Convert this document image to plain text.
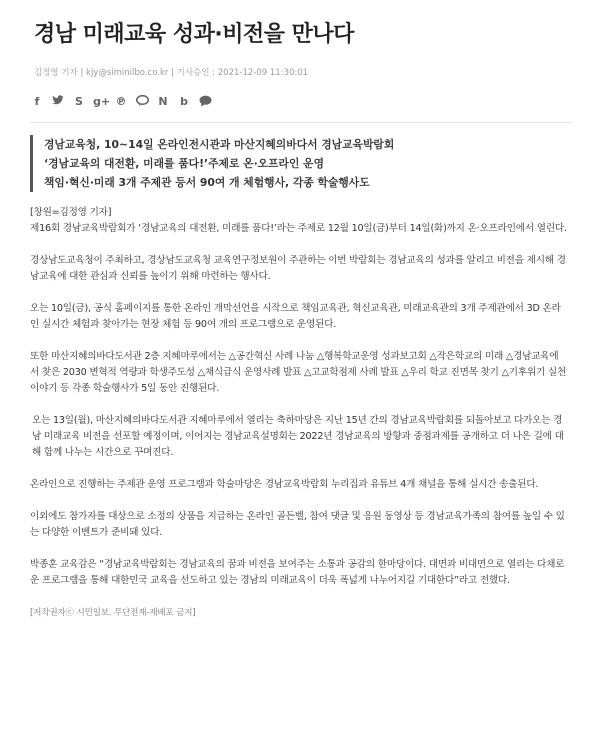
경남 미래교육 성과·비전을 만나다
김정영 기자 | kjy@siminilbo.co.kr | 기사승인 : 2021-12-09 11:30:01
f	S g+ ℗	N b
경남교육청, 10~14일 온라인전시관과 마산지혜의바다서 경남교육박람회
‘경남교육의 대전환, 미래를 품다!’주제로 온·오프라인 운영
책임·혁신·미래 3개 주제관 등서 90여 개 체험행사, 각종 학술행사도

[창원=김정영 기자]

제16회 경남교육박람회가 ‘경남교육의 대전환, 미래를 품다!’라는 주제로 12월 10일(금)부터 14일(화)까지 온·오프라인에서 열린다.

경상남도교육청이 주최하고, 경상남도교육청 교육연구정보원이 주관하는 이번 박람회는 경남교육의 성과를 알리고 비전을 제시해 경남교육에 대한 관심과 신뢰를 높이기 위해 마련하는 행사다.

오는 10일(금), 공식 홈페이지를 통한 온라인 개막선언을 시작으로 책임교육관, 혁신교육관, 미래교육관의 3개 주제관에서 3D 온라인 실시간 체험과 찾아가는 현장 체험 등 90여 개의 프로그램으로 운영된다.

또한 마산지혜의바다도서관 2층 지혜마루에서는 △공간혁신 사례 나눔 △행복학교운영 성과보고회 △작은학교의 미래 △경남교육에서 찾은 2030 변혁적 역량과 학생주도성 △채식급식 운영사례 발표 △고교학점제 사례 발표 △우리 학교 진면목 찾기 △기후위기 실천 이야기 등 각종 학술행사가 5일 동안 진행된다.

오는 13일(월), 마산지혜의바다도서관 지혜마루에서 열리는 축하마당은 지난 15년 간의 경남교육박람회를 되돌아보고 다가오는 경남 미래교육 비전을 선포할 예정이며, 이어지는 경남교육설명회는 2022년 경남교육의 방향과 중점과제를 공개하고 더 나은 길에 대해 함께 나누는 시간으로 꾸며진다.

온라인으로 진행하는 주제관 운영 프로그램과 학술마당은 경남교육박람회 누리집과 유튜브 4개 채널을 통해 실시간 송출된다.

이외에도 참가자를 대상으로 소정의 상품을 지급하는 온라인 골든벨, 참여 댓글 및 응원 동영상 등 경남교육가족의 참여를 높일 수 있는 다양한 이벤트가 준비돼 있다.

박종훈 교육감은 “경남교육박람회는 경남교육의 꿈과 비전을 보여주는 소통과 공감의 한마당이다. 대면과 비대면으로 열리는 다채로운 프로그램을 통해 대한민국 교육을 선도하고 있는 경남의 미래교육이 더욱 폭넓게 나누어지길 기대한다”라고 전했다.

[저작권자ⓒ 시민일보. 무단전재-재배포 금지]
